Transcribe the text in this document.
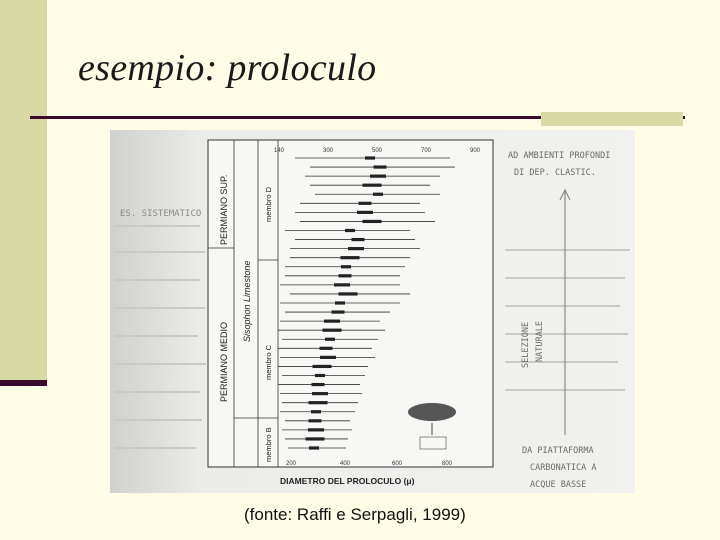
esempio: proloculo
ES. SISTEMATICO PERMIANO SUP.
PERMIANO MEDIO
Sisophon Limestone
membro D
membro C
membro B
140	300	500	700	900
200	400	600	800
DIAMETRO DEL PROLOCULO (μ)
AD AMBIENTI PROFONDI
DI DEP. CLASTIC.
DA PIATTAFORMA
CARBONATICA A
ACQUE BASSE
SELEZIONE NATURALE
(fonte: Raffi e Serpagli, 1999)
